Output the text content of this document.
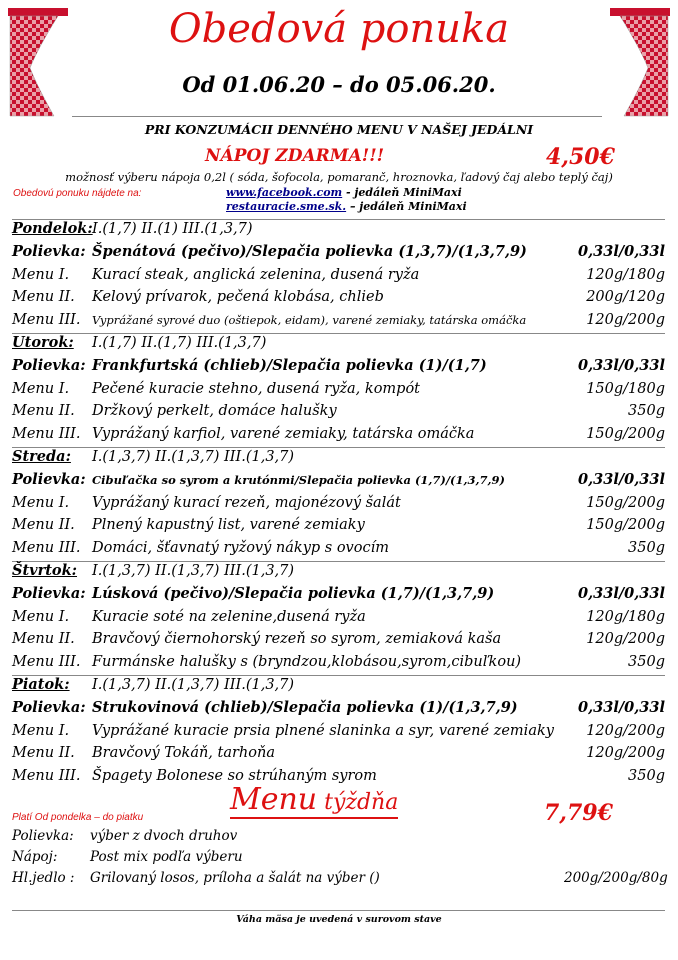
Obedová ponuka
Od 01.06.20 – do 05.06.20.
PRI KONZUMÁCII DENNÉHO MENU V NAŠEJ JEDÁLNI
NÁPOJ ZDARMA!!!	4,50€
možnosť výberu nápoja 0,2l ( sóda, šofocola, pomaranč, hroznovka, ľadový čaj alebo teplý čaj)
Obedovú ponuku nájdete na:	www.facebook.com - jedáleň MiniMaxi
restauracie.sme.sk. – jedáleň MiniMaxi
Pondelok: I.(1,7) II.(1) III.(1,3,7)
Polievka: Špenátová (pečivo)/Slepačia polievka (1,3,7)/(1,3,7,9)	0,33l/0,33l
Menu I. Kurací steak, anglická zelenina, dusená ryža	120g/180g
Menu II. Kelový prívarok, pečená klobása, chlieb	200g/120g
Menu III. Vyprážané syrové duo (oštiepok, eidam), varené zemiaky, tatárska omáčka	120g/200g
Utorok: I.(1,7) II.(1,7) III.(1,3,7)
Polievka: Frankfurtská (chlieb)/Slepačia polievka (1)/(1,7)	0,33l/0,33l
Menu I. Pečené kuracie stehno, dusená ryža, kompót	150g/180g
Menu II. Držkový perkelt, domáce halušky	350g
Menu III. Vyprážaný karfiol, varené zemiaky, tatárska omáčka	150g/200g
Streda: I.(1,3,7) II.(1,3,7) III.(1,3,7)
Polievka: Cibuľačka so syrom a krutónmi/Slepačia polievka (1,7)/(1,3,7,9)	0,33l/0,33l
Menu I. Vyprážaný kurací rezeň, majonézový šalát	150g/200g
Menu II. Plnený kapustný list, varené zemiaky	150g/200g
Menu III. Domáci, šťavnatý ryžový nákyp s ovocím	350g
Štvrtok: I.(1,3,7) II.(1,3,7) III.(1,3,7)
Polievka: Lúsková (pečivo)/Slepačia polievka (1,7)/(1,3,7,9)	0,33l/0,33l
Menu I. Kuracie soté na zelenine,dusená ryža	120g/180g
Menu II. Bravčový čiernohorský rezeň so syrom, zemiaková kaša	120g/200g
Menu III. Furmánske halušky s (bryndzou,klobásou,syrom,cibuľkou)	350g
Piatok: I.(1,3,7) II.(1,3,7) III.(1,3,7)
Polievka: Strukovinová (chlieb)/Slepačia polievka (1)/(1,3,7,9)	0,33l/0,33l
Menu I. Vyprážané kuracie prsia plnené slaninka a syr, varené zemiaky 120g/200g
Menu II. Bravčový Tokáň, tarhoňa	120g/200g
Menu III. Špagety Bolonese so strúhaným syrom	350g
Platí Od pondelka – do piatku
Menu týždňa	7,79€
Polievka: výber z dvoch druhov
Nápoj: Post mix podľa výberu
Hl.jedlo : Grilovaný losos, príloha a šalát na výber ()	200g/200g/80g
Váha mäsa je uvedená v surovom stave
